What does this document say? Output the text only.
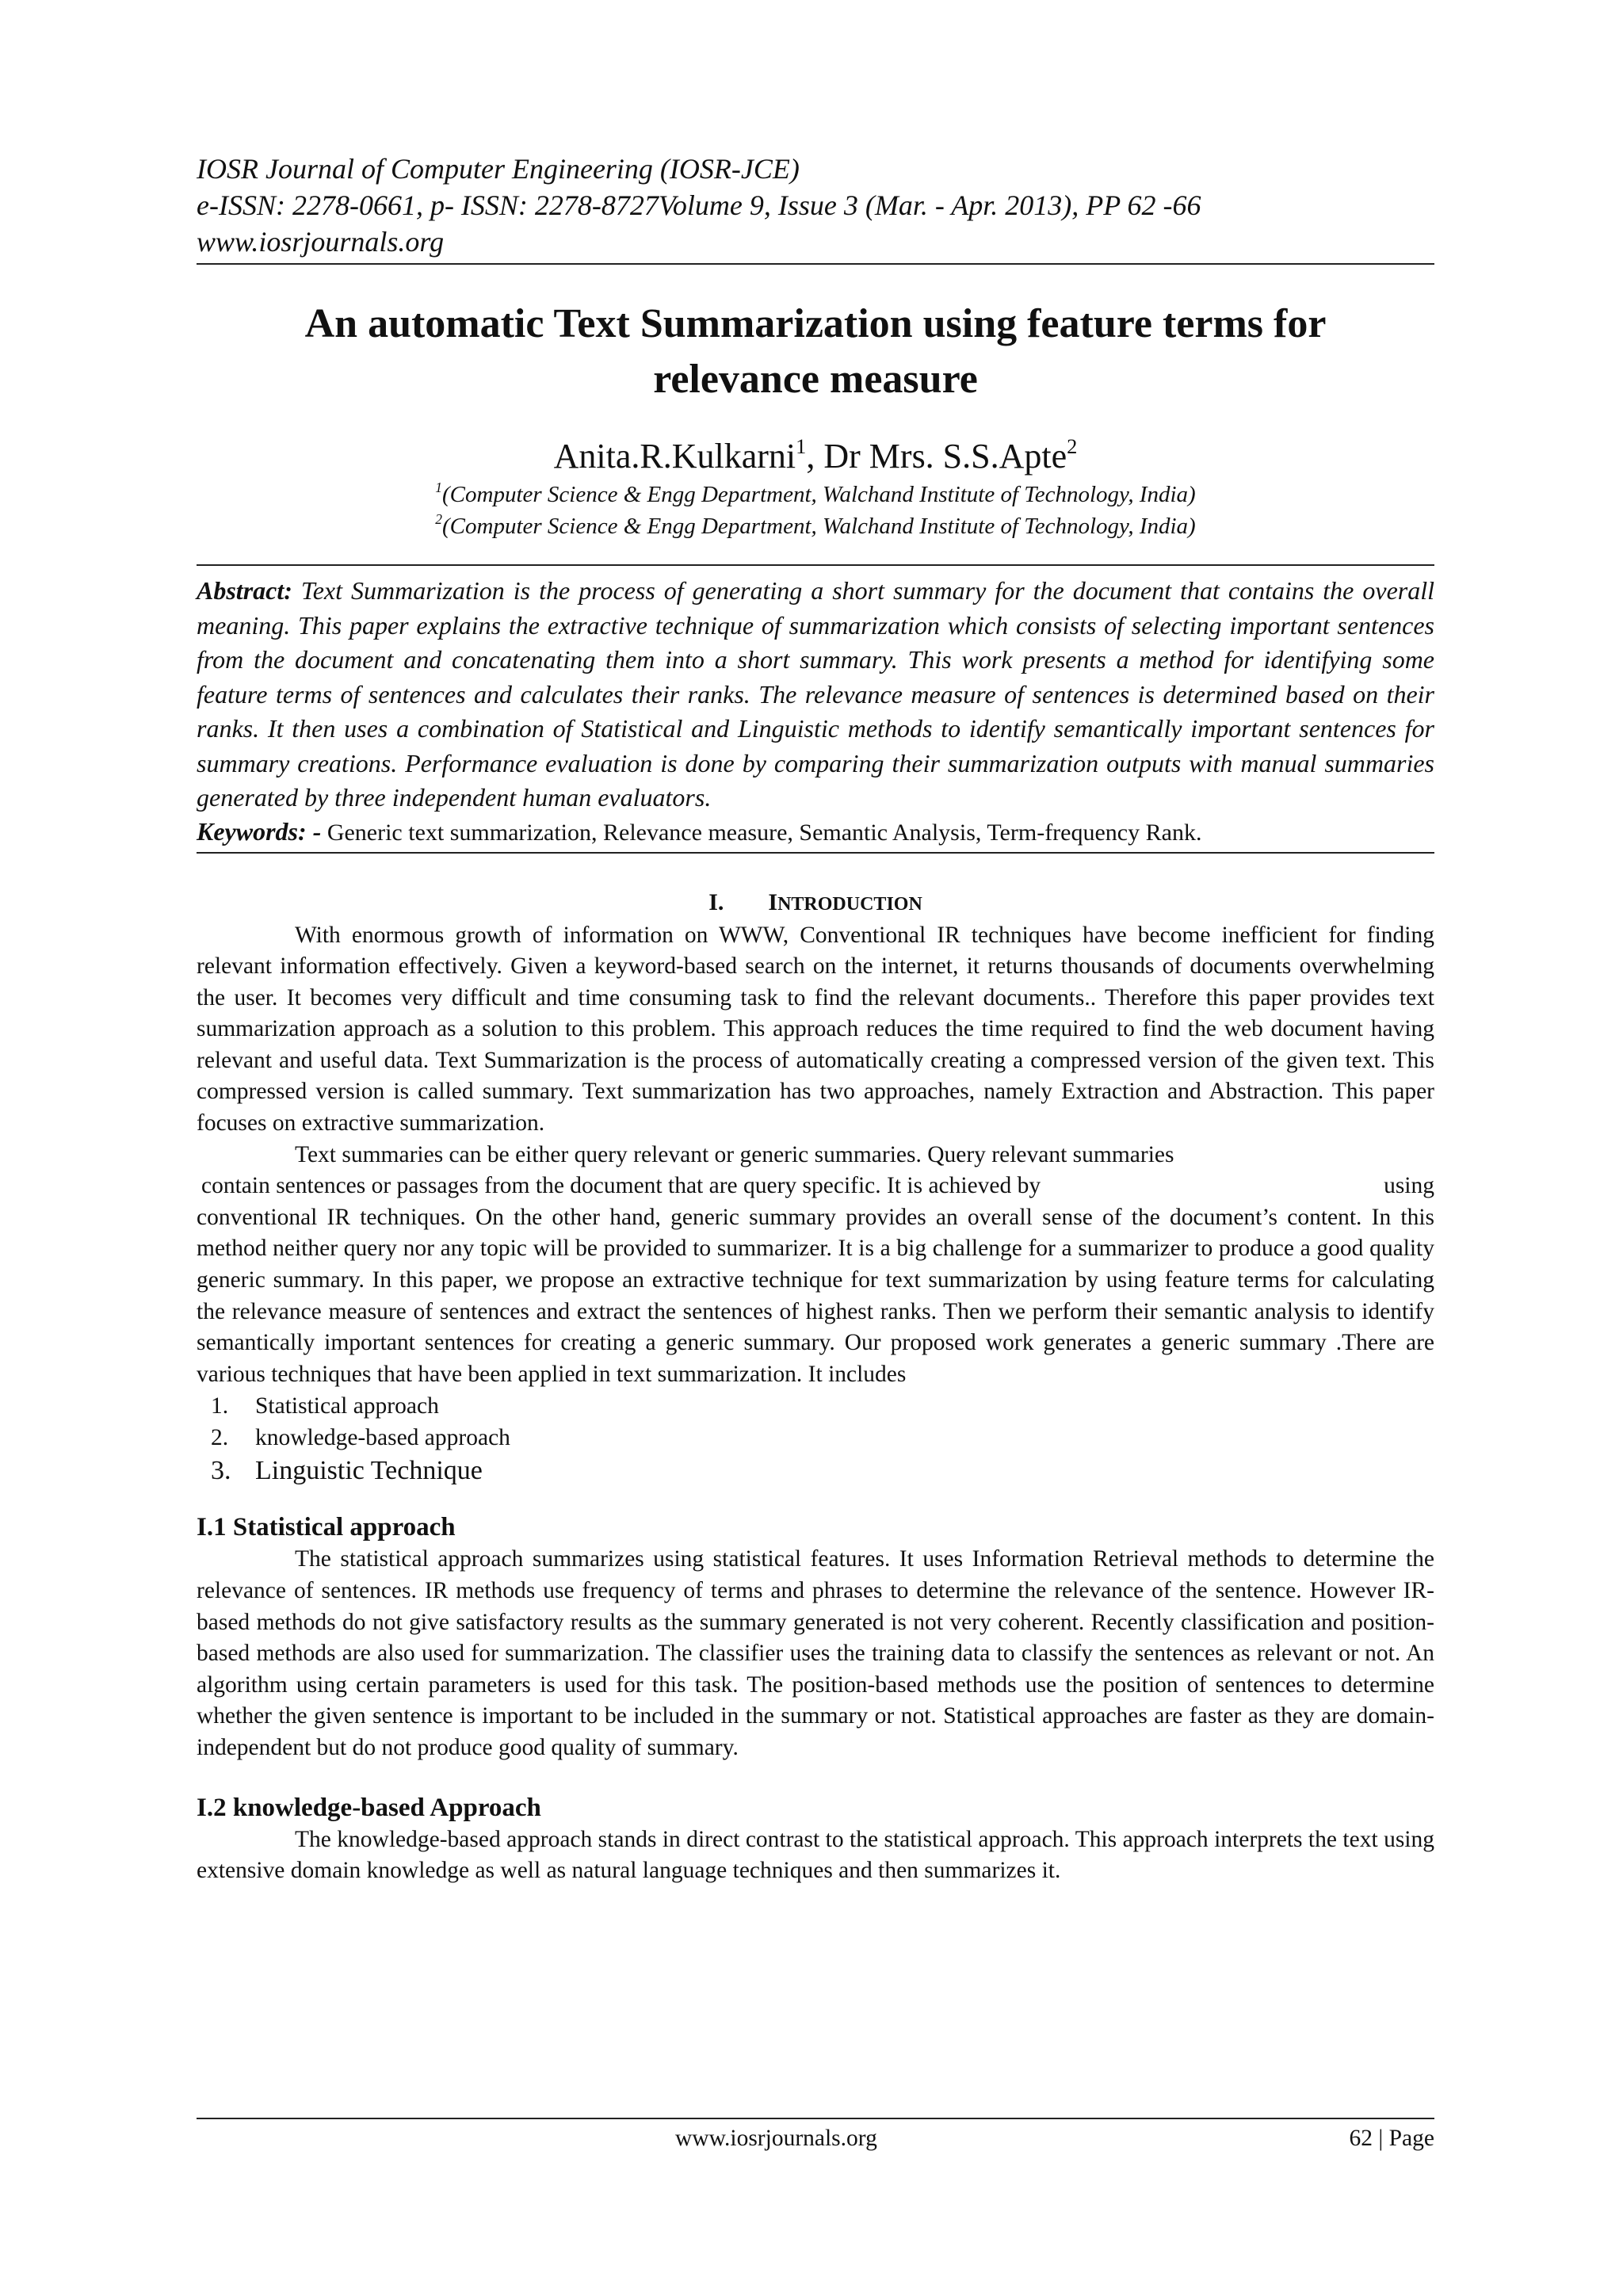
IOSR Journal of Computer Engineering (IOSR-JCE)
e-ISSN: 2278-0661, p- ISSN: 2278-8727Volume 9, Issue 3 (Mar. - Apr. 2013), PP 62 -66
www.iosrjournals.org
An automatic Text Summarization using feature terms for
relevance measure
Anita.R.Kulkarni$^1$, Dr Mrs. S.S.Apte$^2$
$^1$(Computer Science & Engg Department, Walchand Institute of Technology, India)
$^2$(Computer Science & Engg Department, Walchand Institute of Technology, India)
Abstract: Text Summarization is the process of generating a short summary for the document that contains the overall meaning. This paper explains the extractive technique of summarization which consists of selecting important sentences from the document and concatenating them into a short summary. This work presents a method for identifying some feature terms of sentences and calculates their ranks. The relevance measure of sentences is determined based on their ranks. It then uses a combination of Statistical and Linguistic methods to identify semantically important sentences for summary creations. Performance evaluation is done by comparing their summarization outputs with manual summaries generated by three independent human evaluators.
Keywords: - Generic text summarization, Relevance measure, Semantic Analysis, Term-frequency Rank.
I. INTRODUCTION
With enormous growth of information on WWW, Conventional IR techniques have become inefficient for finding relevant information effectively. Given a keyword-based search on the internet, it returns thousands of documents overwhelming the user. It becomes very difficult and time consuming task to find the relevant documents.. Therefore this paper provides text summarization approach as a solution to this problem. This approach reduces the time required to find the web document having relevant and useful data. Text Summarization is the process of automatically creating a compressed version of the given text. This compressed version is called summary. Text summarization has two approaches, namely Extraction and Abstraction. This paper focuses on extractive summarization.
Text summaries can be either query relevant or generic summaries. Query relevant summaries
contain sentences or passages from the document that are query specific. It is achieved by	using
conventional IR techniques. On the other hand, generic summary provides an overall sense of the document’s content. In this method neither query nor any topic will be provided to summarizer. It is a big challenge for a summarizer to produce a good quality generic summary. In this paper, we propose an extractive technique for text summarization by using feature terms for calculating the relevance measure of sentences and extract the sentences of highest ranks. Then we perform their semantic analysis to identify semantically important sentences for creating a generic summary. Our proposed work generates a generic summary .There are various techniques that have been applied in text summarization. It includes
1. Statistical approach
2. knowledge-based approach
3. Linguistic Technique
I.1 Statistical approach
The statistical approach summarizes using statistical features. It uses Information Retrieval methods to determine the relevance of sentences. IR methods use frequency of terms and phrases to determine the relevance of the sentence. However IR-based methods do not give satisfactory results as the summary generated is not very coherent. Recently classification and position-based methods are also used for summarization. The classifier uses the training data to classify the sentences as relevant or not. An algorithm using certain parameters is used for this task. The position-based methods use the position of sentences to determine whether the given sentence is important to be included in the summary or not. Statistical approaches are faster as they are domain-independent but do not produce good quality of summary.
I.2 knowledge-based Approach
The knowledge-based approach stands in direct contrast to the statistical approach. This approach interprets the text using extensive domain knowledge as well as natural language techniques and then summarizes it.
www.iosrjournals.org	62 | Page
